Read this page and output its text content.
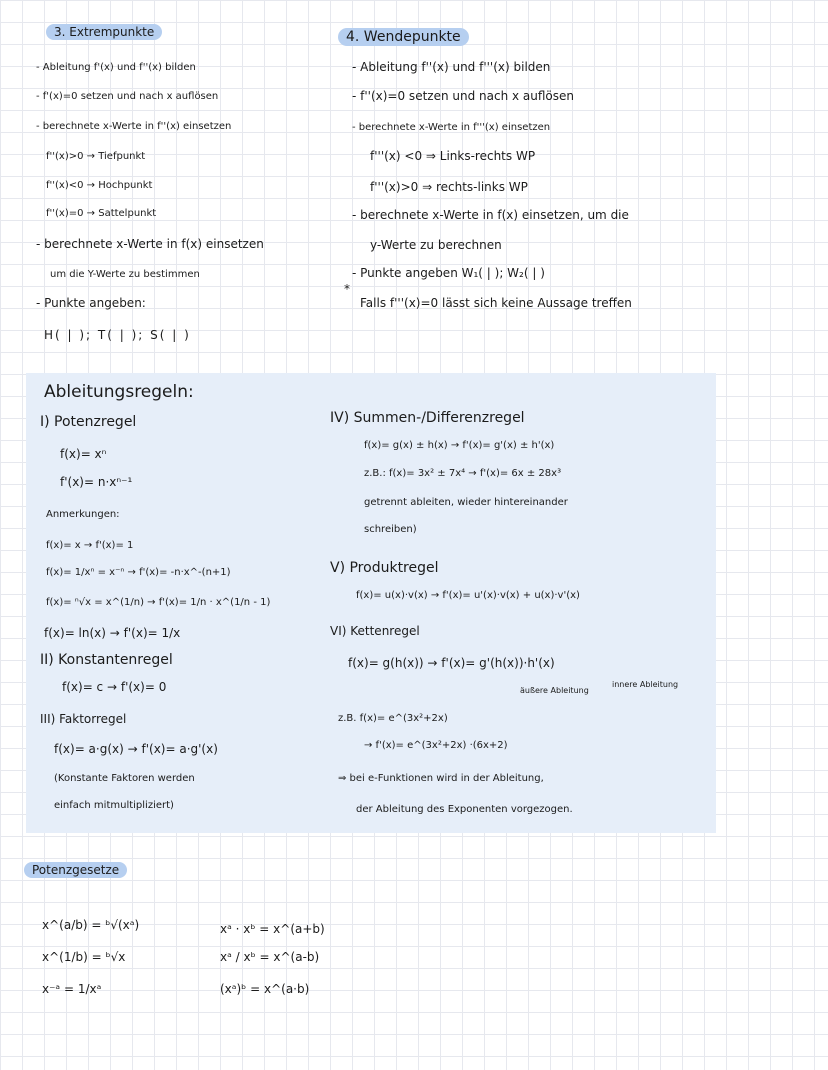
3. Extrempunkte
- Ableitung f'(x) und f''(x) bilden
- f'(x)=0 setzen und nach x auflösen
- berechnete x-Werte in f''(x) einsetzen
f''(x)>0 → Tiefpunkt
f''(x)<0 → Hochpunkt
f''(x)=0 → Sattelpunkt
- berechnete x-Werte in f(x) einsetzen
um die Y-Werte zu bestimmen
- Punkte angeben:
H( | ); T( | ); S( | )
4. Wendepunkte
- Ableitung f''(x) und f'''(x) bilden
- f''(x)=0 setzen und nach x auflösen
- berechnete x-Werte in f'''(x) einsetzen
f'''(x) <0 ⇒ Links-rechts WP
f'''(x)>0 ⇒ rechts-links WP
- berechnete x-Werte in f(x) einsetzen, um die
y-Werte zu berechnen
- Punkte angeben W₁( | ); W₂( | )
*
Falls f'''(x)=0 lässt sich keine Aussage treffen
Ableitungsregeln:
I) Potenzregel
f(x)= xⁿ
f'(x)= n·xⁿ⁻¹
Anmerkungen:
f(x)= x → f'(x)= 1
f(x)= 1/xⁿ = x⁻ⁿ → f'(x)= -n·x^-(n+1)
f(x)= ⁿ√x = x^(1/n) → f'(x)= 1/n · x^(1/n - 1)
f(x)= ln(x) → f'(x)= 1/x
II) Konstantenregel
f(x)= c → f'(x)= 0
III) Faktorregel
f(x)= a·g(x) → f'(x)= a·g'(x)
(Konstante Faktoren werden
einfach mitmultipliziert)
IV) Summen-/Differenzregel
f(x)= g(x) ± h(x) → f'(x)= g'(x) ± h'(x)
z.B.: f(x)= 3x² ± 7x⁴ → f'(x)= 6x ± 28x³
getrennt ableiten, wieder hintereinander
schreiben)
V) Produktregel
f(x)= u(x)·v(x) → f'(x)= u'(x)·v(x) + u(x)·v'(x)
VI) Kettenregel
f(x)= g(h(x)) → f'(x)= g'(h(x))·h'(x)
äußere Ableitung
innere Ableitung
z.B. f(x)= e^(3x²+2x)
→ f'(x)= e^(3x²+2x) ·(6x+2)
⇒ bei e-Funktionen wird in der Ableitung,
der Ableitung des Exponenten vorgezogen.
Potenzgesetze
x^(a/b) = ᵇ√(xᵃ)
x^(1/b) = ᵇ√x
x⁻ᵃ = 1/xᵃ
xᵃ · xᵇ = x^(a+b)
xᵃ / xᵇ = x^(a-b)
(xᵃ)ᵇ = x^(a·b)
